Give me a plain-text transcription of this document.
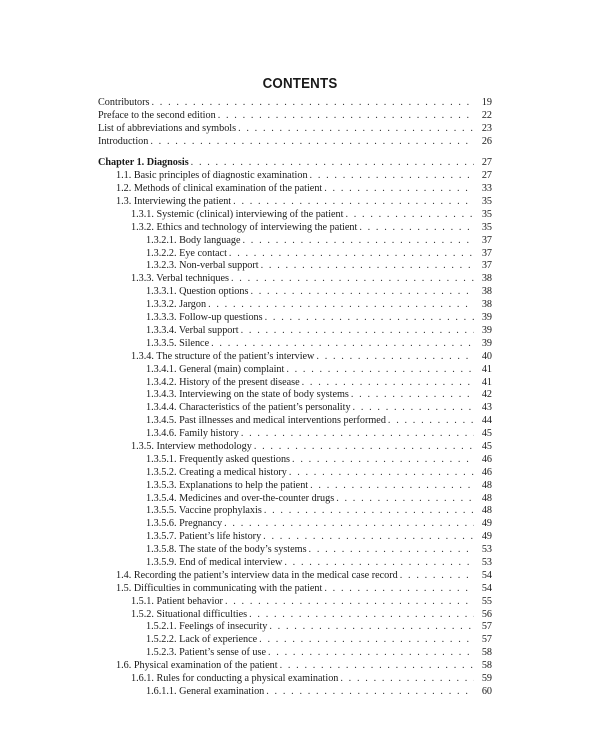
CONTENTS
Contributors . . .	19
Preface to the second edition . . .	22
List of abbreviations and symbols . . .	23
Introduction . . .	26
Chapter 1. Diagnosis . . .	27
1.1. Basic principles of diagnostic examination . . .	27
1.2. Methods of clinical examination of the patient . . .	33
1.3. Interviewing the patient . . .	35
1.3.1. Systemic (clinical) interviewing of the patient . . .	35
1.3.2. Ethics and technology of interviewing the patient . . .	35
1.3.2.1. Body language . . .	37
1.3.2.2. Eye contact . . .	37
1.3.2.3. Non-verbal support . . .	37
1.3.3. Verbal techniques . . .	38
1.3.3.1. Question options . . .	38
1.3.3.2. Jargon . . .	38
1.3.3.3. Follow-up questions . . .	39
1.3.3.4. Verbal support . . .	39
1.3.3.5. Silence . . .	39
1.3.4. The structure of the patient’s interview . . .	40
1.3.4.1. General (main) complaint . . .	41
1.3.4.2. History of the present disease . . .	41
1.3.4.3. Interviewing on the state of body systems . . .	42
1.3.4.4. Characteristics of the patient’s personality . . .	43
1.3.4.5. Past illnesses and medical interventions performed . . .	44
1.3.4.6. Family history . . .	45
1.3.5. Interview methodology . . .	45
1.3.5.1. Frequently asked questions . . .	46
1.3.5.2. Creating a medical history . . .	46
1.3.5.3. Explanations to help the patient . . .	48
1.3.5.4. Medicines and over-the-counter drugs . . .	48
1.3.5.5. Vaccine prophylaxis . . .	48
1.3.5.6. Pregnancy . . .	49
1.3.5.7. Patient’s life history . . .	49
1.3.5.8. The state of the body’s systems . . .	53
1.3.5.9. End of medical interview . . .	53
1.4. Recording the patient’s interview data in the medical case record . . .	54
1.5. Difficulties in communicating with the patient . . .	54
1.5.1. Patient behavior . . .	55
1.5.2. Situational difficulties . . .	56
1.5.2.1. Feelings of insecurity . . .	57
1.5.2.2. Lack of experience . . .	57
1.5.2.3. Patient’s sense of use . . .	58
1.6. Physical examination of the patient . . .	58
1.6.1. Rules for conducting a physical examination . . .	59
1.6.1.1. General examination . . .	60
